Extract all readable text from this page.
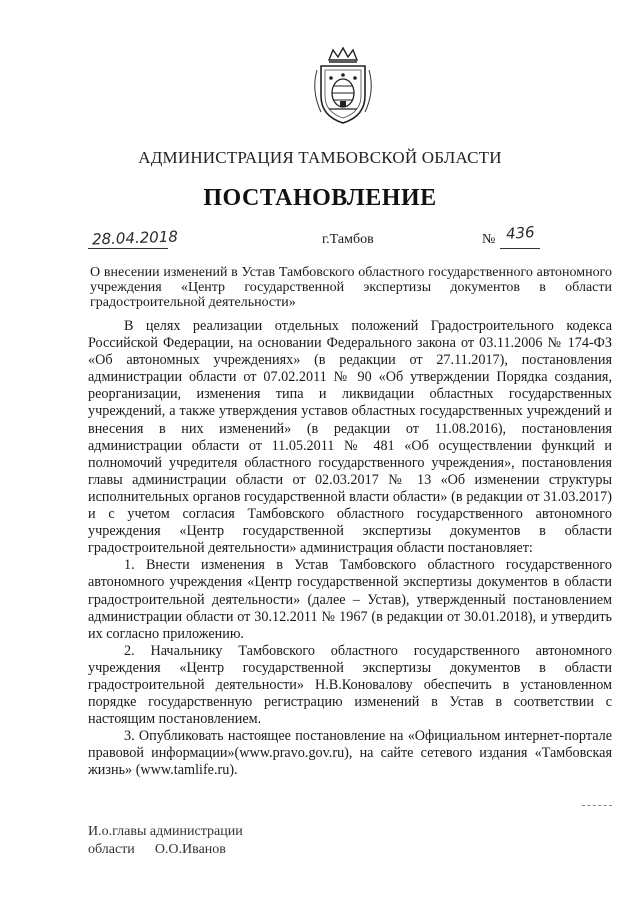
АДМИНИСТРАЦИЯ ТАМБОВСКОЙ ОБЛАСТИ
ПОСТАНОВЛЕНИЕ
28.04.2018	г.Тамбов	№ 436
О внесении изменений в Устав Тамбовского областного государственного автономного учреждения «Центр государственной экспертизы документов в области градостроительной деятельности»

В целях реализации отдельных положений Градостроительного кодекса Российской Федерации, на основании Федерального закона от 03.11.2006 № 174-ФЗ «Об автономных учреждениях» (в редакции от 27.11.2017), постановления администрации области от 07.02.2011 № 90 «Об утверждении Порядка создания, реорганизации, изменения типа и ликвидации областных государственных учреждений, а также утверждения уставов областных государственных учреждений и внесения в них изменений» (в редакции от 11.08.2016), постановления администрации области от 11.05.2011 № 481 «Об осуществлении функций и полномочий учредителя областного государственного учреждения», постановления главы администрации области от 02.03.2017 № 13 «Об изменении структуры исполнительных органов государственной власти области» (в редакции от 31.03.2017) и с учетом согласия Тамбовского областного государственного автономного учреждения «Центр государственной экспертизы документов в области градостроительной деятельности» администрация области постановляет:

1. Внести изменения в Устав Тамбовского областного государственного автономного учреждения «Центр государственной экспертизы документов в области градостроительной деятельности» (далее – Устав), утвержденный постановлением администрации области от 30.12.2011 № 1967 (в редакции от 30.01.2018), и утвердить их согласно приложению.

2. Начальнику Тамбовского областного государственного автономного учреждения «Центр государственной экспертизы документов в области градостроительной деятельности» Н.В.Коновалову обеспечить в установленном порядке государственную регистрацию изменений в Устав в соответствии с настоящим постановлением.

3. Опубликовать настоящее постановление на «Официальном интернет-портале правовой информации»(www.pravo.gov.ru), на сайте сетевого издания «Тамбовская жизнь» (www.tamlife.ru).

И.о.главы администрации
области О.О.Иванов
